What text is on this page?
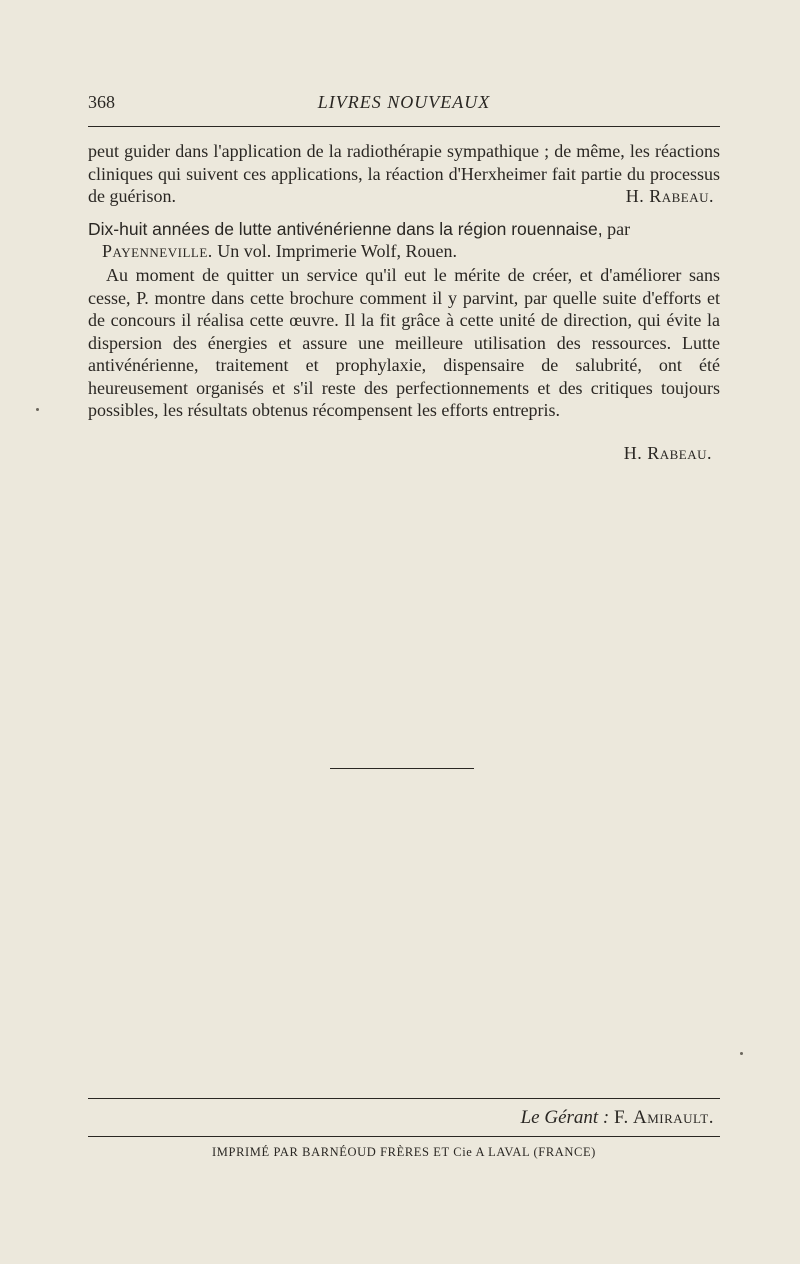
368	LIVRES NOUVEAUX
peut guider dans l'application de la radiothérapie sympathique ; de même, les réactions cliniques qui suivent ces applications, la réaction d'Herxheimer fait partie du processus de guérison.	H. Rabeau.
Dix-huit années de lutte antivénérienne dans la région rouennaise, par
Payenneville. Un vol. Imprimerie Wolf, Rouen.
Au moment de quitter un service qu'il eut le mérite de créer, et d'améliorer sans cesse, P. montre dans cette brochure comment il y parvint, par quelle suite d'efforts et de concours il réalisa cette œuvre. Il la fit grâce à cette unité de direction, qui évite la dispersion des énergies et assure une meilleure utilisation des ressources. Lutte antivénérienne, traitement et prophylaxie, dispensaire de salubrité, ont été heureusement organisés et s'il reste des perfectionnements et des critiques toujours possibles, les résultats obtenus récompensent les efforts entrepris.
H. Rabeau.
Le Gérant : F. Amirault.
IMPRIMÉ PAR BARNÉOUD FRÈRES ET Cie A LAVAL (FRANCE)
